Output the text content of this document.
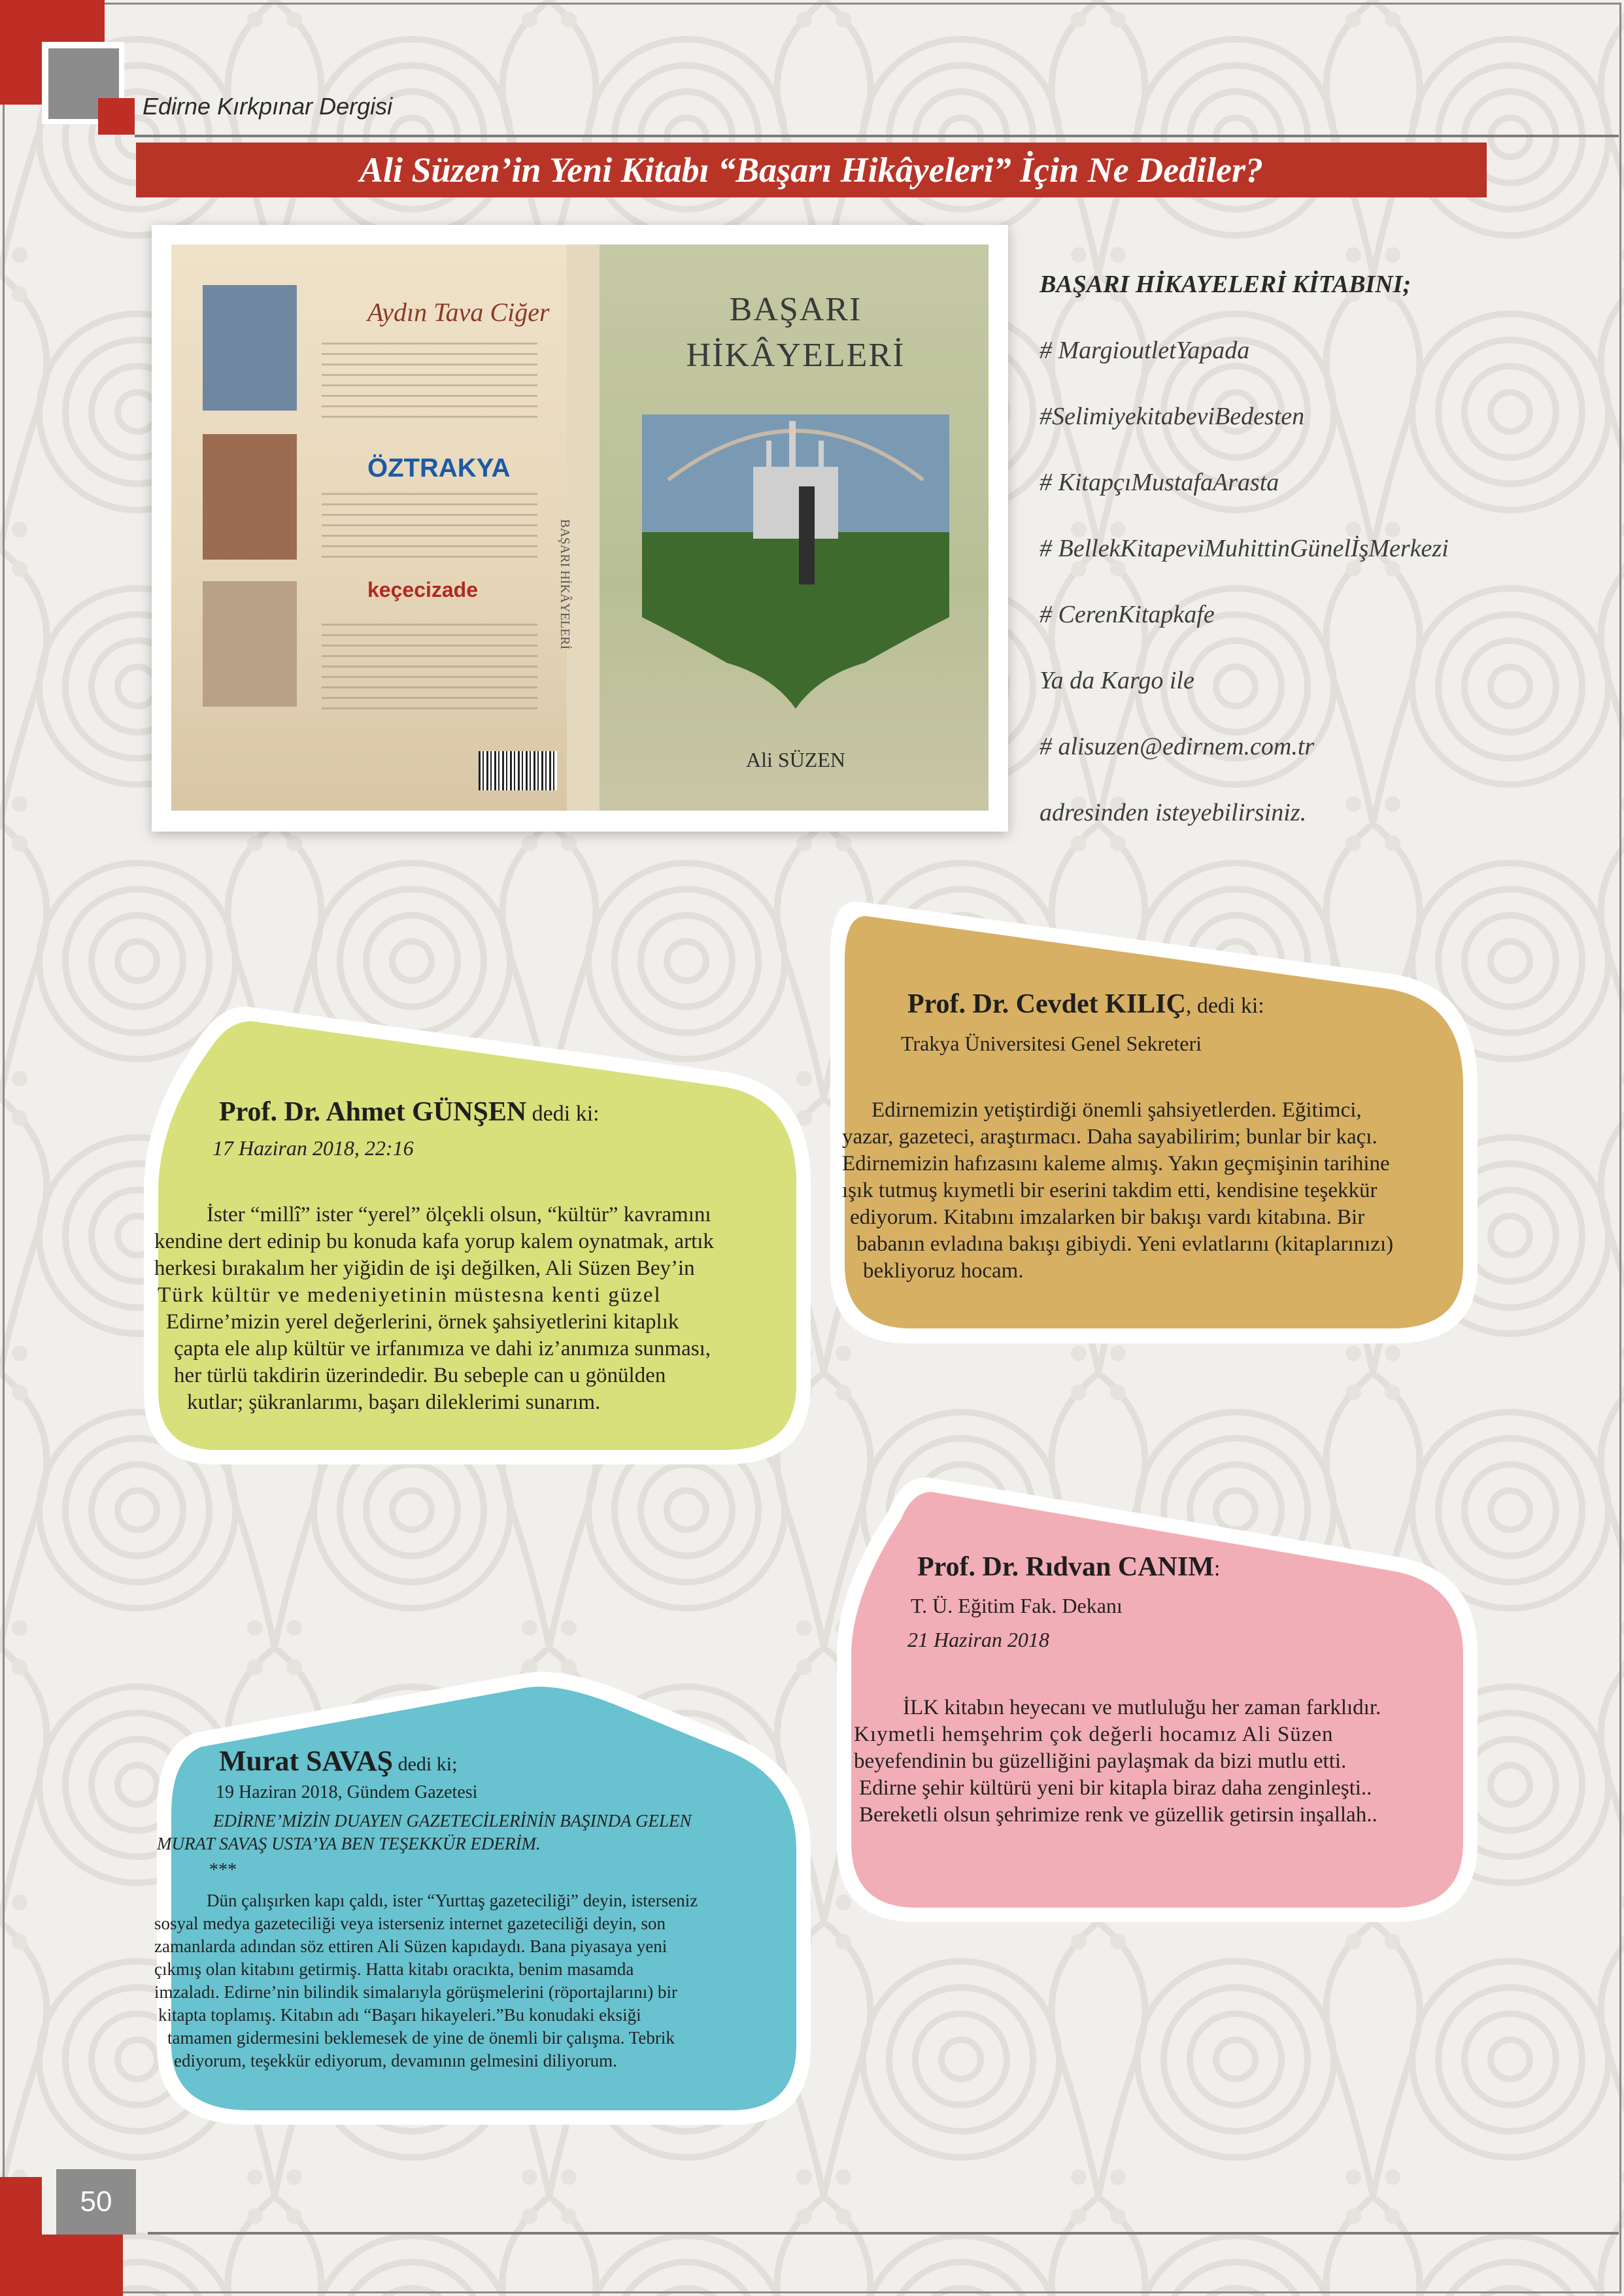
Edirne Kırkpınar Dergisi
Ali Süzen’in Yeni Kitabı “Başarı Hikâyeleri” İçin Ne Dediler?
BAŞARI HİKÂYELERİ
Aydın Tava Ciğer
ÖZTRAKYA
keçecizade
BAŞARI
HİKÂYELERİ
Ali SÜZEN
BAŞARI HİKAYELERİ KİTABINI;
# MargioutletYapada
#SelimiyekitabeviBedesten
# KitapçıMustafaArasta
# BellekKitapeviMuhittinGünelİşMerkezi
# CerenKitapkafe
Ya da Kargo ile
# alisuzen@edirnem.com.tr
adresinden isteyebilirsiniz.
Prof. Dr. Cevdet KILIÇ, dedi ki:
Trakya Üniversitesi Genel Sekreteri
Edirnemizin yetiştirdiği önemli şahsiyetlerden. Eğitimci,
yazar, gazeteci, araştırmacı. Daha sayabilirim; bunlar bir kaçı.
Edirnemizin hafızasını kaleme almış. Yakın geçmişinin tarihine
ışık tutmuş kıymetli bir eserini takdim etti, kendisine teşekkür
ediyorum. Kitabını imzalarken bir bakışı vardı kitabına. Bir
babanın evladına bakışı gibiydi. Yeni evlatlarını (kitaplarınızı)
bekliyoruz hocam.
Prof. Dr. Ahmet GÜNŞEN dedi ki:
17 Haziran 2018, 22:16
İster “millî” ister “yerel” ölçekli olsun, “kültür” kavramını
kendine dert edinip bu konuda kafa yorup kalem oynatmak, artık
herkesi bırakalım her yiğidin de işi değilken, Ali Süzen Bey’in
Türk kültür ve medeniyetinin müstesna kenti güzel
Edirne’mizin yerel değerlerini, örnek şahsiyetlerini kitaplık
çapta ele alıp kültür ve irfanımıza ve dahi iz’anımıza sunması,
her türlü takdirin üzerindedir. Bu sebeple can u gönülden
kutlar; şükranlarımı, başarı dileklerimi sunarım.
Prof. Dr. Rıdvan CANIM:
T. Ü. Eğitim Fak. Dekanı
21 Haziran 2018
İLK kitabın heyecanı ve mutluluğu her zaman farklıdır.
Kıymetli hemşehrim çok değerli hocamız Ali Süzen
beyefendinin bu güzelliğini paylaşmak da bizi mutlu etti.
Edirne şehir kültürü yeni bir kitapla biraz daha zenginleşti..
Bereketli olsun şehrimize renk ve güzellik getirsin inşallah..
Murat SAVAŞ dedi ki;
19 Haziran 2018, Gündem Gazetesi
EDİRNE’MİZİN DUAYEN GAZETECİLERİNİN BAŞINDA GELEN
MURAT SAVAŞ USTA’YA BEN TEŞEKKÜR EDERİM.
***
Dün çalışırken kapı çaldı, ister “Yurttaş gazeteciliği” deyin, isterseniz
sosyal medya gazeteciliği veya isterseniz internet gazeteciliği deyin, son
zamanlarda adından söz ettiren Ali Süzen kapıdaydı. Bana piyasaya yeni
çıkmış olan kitabını getirmiş. Hatta kitabı oracıkta, benim masamda
imzaladı. Edirne’nin bilindik simalarıyla görüşmelerini (röportajlarını) bir
kitapta toplamış. Kitabın adı “Başarı hikayeleri.”Bu konudaki eksiği
tamamen gidermesini beklemesek de yine de önemli bir çalışma. Tebrik
ediyorum, teşekkür ediyorum, devamının gelmesini diliyorum.
50
